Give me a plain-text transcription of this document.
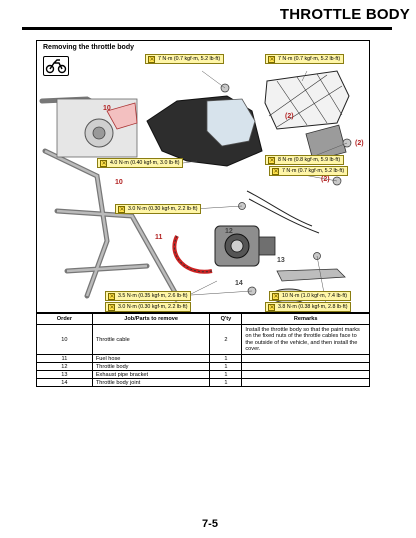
THROTTLE BODY
Removing the throttle body
✕
7 N·m (0.7 kgf·m, 5.2 lb·ft) ✕	7 N·m (0.7 kgf·m, 5.2 lb·ft)
✕
4.0 N·m (0.40 kgf·m, 3.0 lb·ft) ✕	8 N·m (0.8 kgf·m, 5.9 lb·ft)
✕
7 N·m (0.7 kgf·m, 5.2 lb·ft)
✕
3.0 N·m (0.30 kgf·m, 2.2 lb·ft)
✕
3.5 N·m (0.35 kgf·m, 2.6 lb·ft) ✕	10 N·m (1.0 kgf·m, 7.4 lb·ft)
✕
3.0 N·m (0.30 kgf·m, 2.2 lb·ft) ✕	3.8 N·m (0.38 kgf·m, 2.8 lb·ft)
10
10
11
12
13
14
(2)
(2)
(2)
Order	Job/Parts to remove	Q'ty	Remarks
10	Throttle cable	2	Install the throttle body so that the paint marks on the fixed nuts of the throttle cables face to the outside of the vehicle, and then install the cover.
11	Fuel hose	1	
12	Throttle body	1	
13	Exhaust pipe bracket	1	
14	Throttle body joint	1	
7-5
